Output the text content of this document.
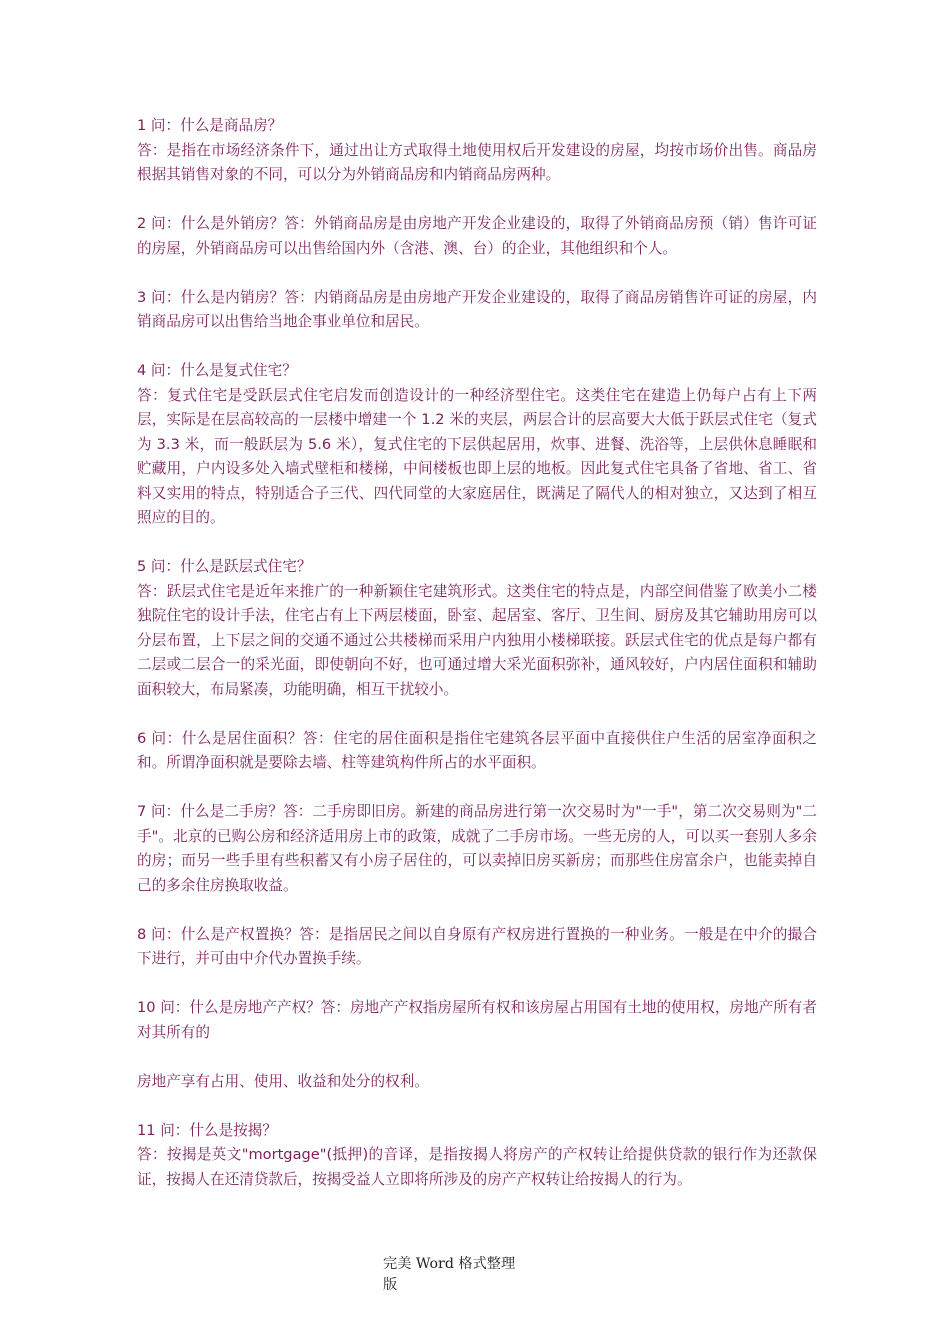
1 问：什么是商品房？

答：是指在市场经济条件下，通过出让方式取得土地使用权后开发建设的房屋，均按市场价出售。商品房根据其销售对象的不同，可以分为外销商品房和内销商品房两种。

2 问：什么是外销房？答：外销商品房是由房地产开发企业建设的，取得了外销商品房预（销）售许可证的房屋，外销商品房可以出售给国内外（含港、澳、台）的企业，其他组织和个人。

3 问：什么是内销房？答：内销商品房是由房地产开发企业建设的，取得了商品房销售许可证的房屋，内销商品房可以出售给当地企事业单位和居民。

4 问：什么是复式住宅？

答：复式住宅是受跃层式住宅启发而创造设计的一种经济型住宅。这类住宅在建造上仍每户占有上下两层，实际是在层高较高的一层楼中增建一个 1.2 米的夹层，两层合计的层高要大大低于跃层式住宅（复式为 3.3 米，而一般跃层为 5.6 米），复式住宅的下层供起居用，炊事、进餐、洗浴等，上层供休息睡眠和贮藏用，户内设多处入墙式壁柜和楼梯，中间楼板也即上层的地板。因此复式住宅具备了省地、省工、省料又实用的特点，特别适合子三代、四代同堂的大家庭居住，既满足了隔代人的相对独立，又达到了相互照应的目的。

5 问：什么是跃层式住宅？

答：跃层式住宅是近年来推广的一种新颖住宅建筑形式。这类住宅的特点是，内部空间借鉴了欧美小二楼独院住宅的设计手法，住宅占有上下两层楼面，卧室、起居室、客厅、卫生间、厨房及其它辅助用房可以分层布置，上下层之间的交通不通过公共楼梯而采用户内独用小楼梯联接。跃层式住宅的优点是每户都有二层或二层合一的采光面，即使朝向不好，也可通过增大采光面积弥补，通风较好，户内居住面积和辅助面积较大，布局紧凑，功能明确，相互干扰较小。

6 问：什么是居住面积？答：住宅的居住面积是指住宅建筑各层平面中直接供住户生活的居室净面积之和。所谓净面积就是要除去墙、柱等建筑构件所占的水平面积。

7 问：什么是二手房？答：二手房即旧房。新建的商品房进行第一次交易时为"一手"，第二次交易则为"二手"。北京的已购公房和经济适用房上市的政策，成就了二手房市场。一些无房的人，可以买一套别人多余的房；而另一些手里有些积蓄又有小房子居住的，可以卖掉旧房买新房；而那些住房富余户，也能卖掉自己的多余住房换取收益。

8 问：什么是产权置换？答：是指居民之间以自身原有产权房进行置换的一种业务。一般是在中介的撮合下进行，并可由中介代办置换手续。

10 问：什么是房地产产权？答：房地产产权指房屋所有权和该房屋占用国有土地的使用权，房地产所有者对其所有的

房地产享有占用、使用、收益和处分的权利。

11 问：什么是按揭？

答：按揭是英文"mortgage"(抵押)的音译，是指按揭人将房产的产权转让给提供贷款的银行作为还款保证，按揭人在还清贷款后，按揭受益人立即将所涉及的房产产权转让给按揭人的行为。

完美 Word 格式整理
版
